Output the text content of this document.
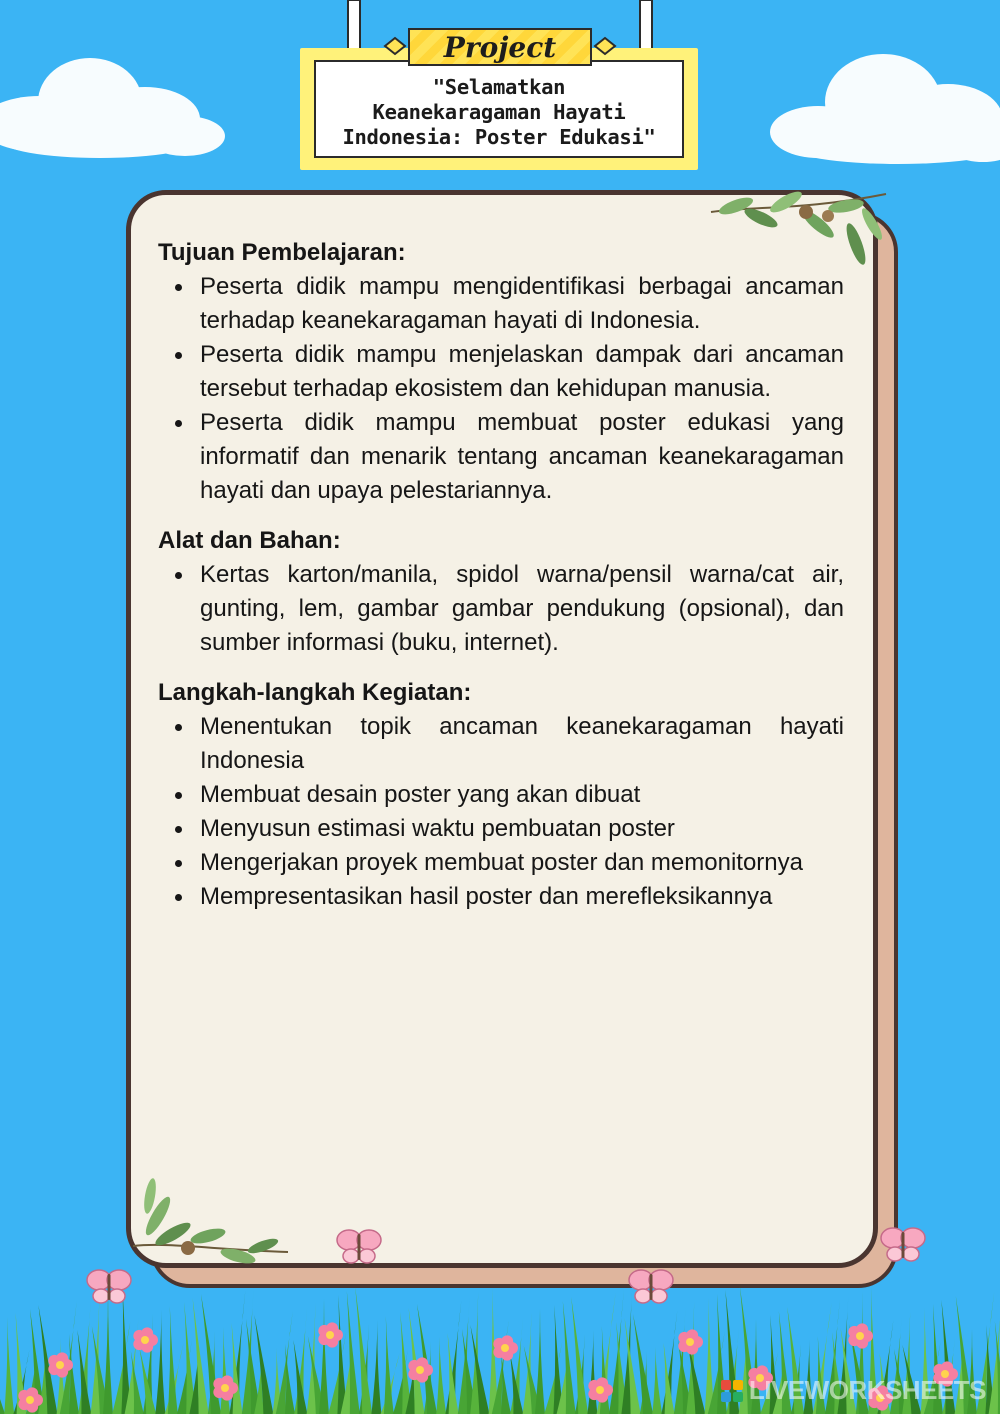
"Selamatkan
Keanekaragaman Hayati
Indonesia: Poster Edukasi"
Project
Tujuan Pembelajaran:
Peserta didik mampu mengidentifikasi berbagai ancaman terhadap keanekaragaman hayati di Indonesia.
Peserta didik mampu menjelaskan dampak dari ancaman tersebut terhadap ekosistem dan kehidupan manusia.
Peserta didik mampu membuat poster edukasi yang informatif dan menarik tentang ancaman keanekaragaman hayati dan upaya pelestariannya.
Alat dan Bahan:
Kertas karton/manila, spidol warna/pensil warna/cat air, gunting, lem, gambar gambar pendukung (opsional), dan sumber informasi (buku, internet).
Langkah-langkah Kegiatan:
Menentukan topik ancaman keanekaragaman hayati Indonesia
Membuat desain poster yang akan dibuat
Menyusun estimasi waktu pembuatan poster
Mengerjakan proyek membuat poster dan memonitornya
Mempresentasikan hasil poster dan merefleksikannya
LIVEWORKSHEETS
